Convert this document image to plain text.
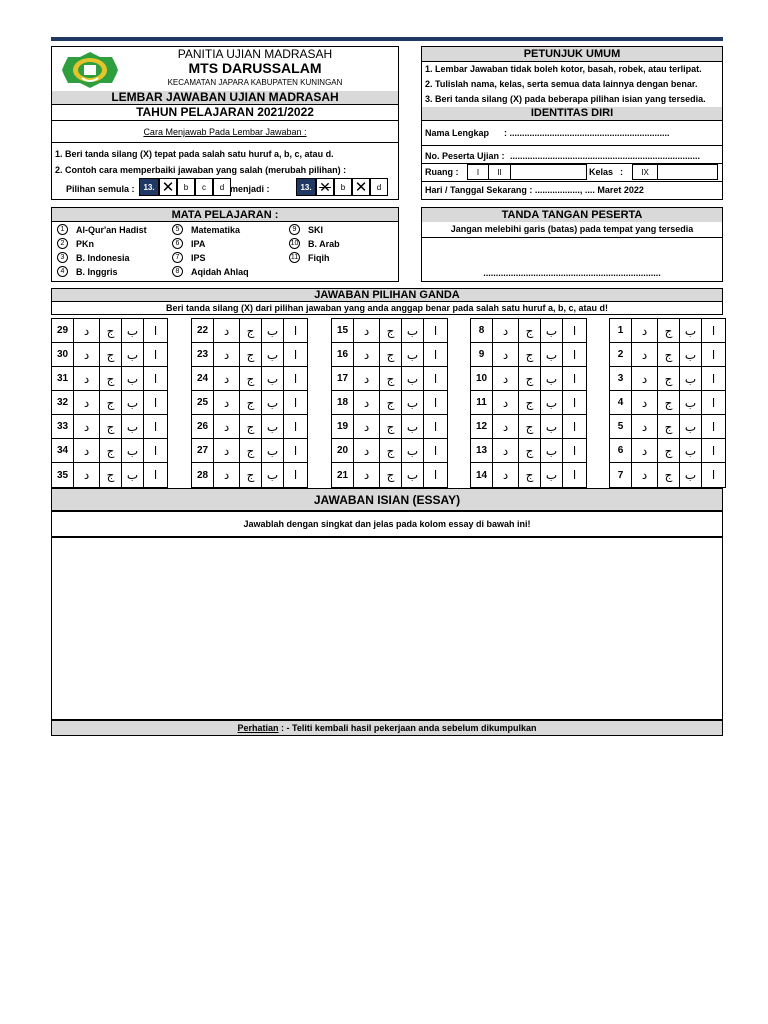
PANITIA UJIAN MADRASAH
MTS DARUSSALAM
KECAMATAN JAPARA KABUPATEN KUNINGAN
LEMBAR JAWABAN UJIAN MADRASAH
TAHUN PELAJARAN 2021/2022
Cara Menjawab Pada Lembar Jawaban :
1. Beri tanda silang (X) tepat pada salah satu huruf a, b, c, atau d.
2. Contoh cara memperbaiki jawaban yang salah (merubah pilihan) :
Pilihan semula :	13. ✕	b	c	d menjadi :	13. ✕	b ✕	d
PETUNJUK UMUM
1. Lembar Jawaban tidak boleh kotor, basah, robek, atau terlipat.
2. Tulislah nama, kelas, serta semua data lainnya dengan benar.
3. Beri tanda silang (X) pada beberapa pilihan isian yang tersedia.
IDENTITAS DIRI
Nama Lengkap : ................................................................
No. Peserta Ujian : ............................................................................
Ruang :	I	II	Kelas :	IX
Hari / Tanggal Sekarang : .................., .... Maret 2022
MATA PELAJARAN :
1	Al-Qur'an Hadist
2	PKn
3	B. Indonesia
4	B. Inggris
5	Matematika
6	IPA
7	IPS
8	Aqidah Ahlaq
9	SKI
10 B. Arab
11 Fiqih
TANDA TANGAN PESERTA
Jangan melebihi garis (batas) pada tempat yang tersedia
.......................................................................
JAWABAN PILIHAN GANDA
Beri tanda silang (X) dari pilihan jawaban yang anda anggap benar pada salah satu huruf a, b, c, atau d!
29	د	ج	ب	ا
30	د	ج	ب	ا
31	د	ج	ب	ا
32	د	ج	ب	ا
33	د	ج	ب	ا
34	د	ج	ب	ا
35	د	ج	ب	ا
22	د	ج	ب	ا
23	د	ج	ب	ا
24	د	ج	ب	ا
25	د	ج	ب	ا
26	د	ج	ب	ا
27	د	ج	ب	ا
28	د	ج	ب	ا
15	د	ج	ب	ا
16	د	ج	ب	ا
17	د	ج	ب	ا
18	د	ج	ب	ا
19	د	ج	ب	ا
20	د	ج	ب	ا
21	د	ج	ب	ا
8	د	ج	ب	ا
9	د	ج	ب	ا
10	د	ج	ب	ا
11	د	ج	ب	ا
12	د	ج	ب	ا
13	د	ج	ب	ا
14	د	ج	ب	ا
1	د	ج	ب	ا
2	د	ج	ب	ا
3	د	ج	ب	ا
4	د	ج	ب	ا
5	د	ج	ب	ا
6	د	ج	ب	ا
7	د	ج	ب	ا
JAWABAN ISIAN (ESSAY)
Jawablah dengan singkat dan jelas pada kolom essay di bawah ini!
Perhatian : - Teliti kembali hasil pekerjaan anda sebelum dikumpulkan
